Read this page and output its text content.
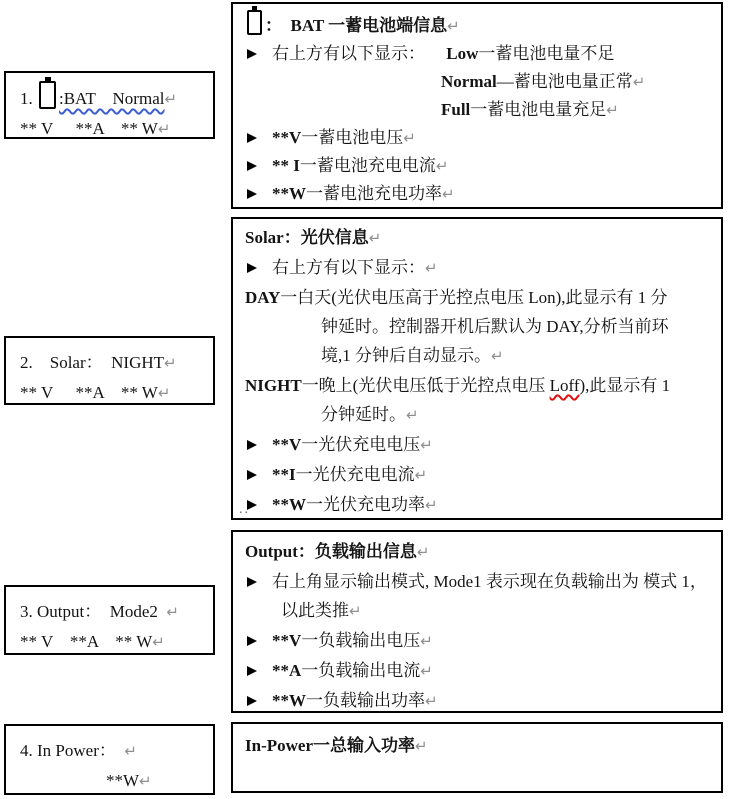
1. :BAT    Normal↵
** V **A    ** W↵
2.    Solar：  NIGHT↵
** V **A    ** W↵
3. Output：  Mode2  ↵
** V    **A    ** W↵
4. In Power：  ↵
**W↵
：  BAT 一蓄电池端信息↵
右上方有以下显示：     Low一蓄电池电量不足
Normal—蓄电池电量正常↵
Full一蓄电池电量充足↵
**V一蓄电池电压↵
** I一蓄电池充电电流↵
**W一蓄电池充电功率↵
Solar：光伏信息↵
右上方有以下显示：↵
DAY一白天(光伏电压高于光控点电压 Lon),此显示有 1 分
钟延时。控制器开机后默认为 DAY,分析当前环
境,1 分钟后自动显示。↵
NIGHT一晚上(光伏电压低于光控点电压 Loff),此显示有 1
分钟延时。↵
**V一光伏充电电压↵
**I一光伏充电电流↵
**W一光伏充电功率↵
..
Output：负载输出信息↵
右上角显示输出模式, Mode1 表示现在负载输出为 模式 1，
以此类推↵
**V一负载输出电压↵
**A一负载输出电流↵
**W一负载输出功率↵
In-Power一总输入功率↵
